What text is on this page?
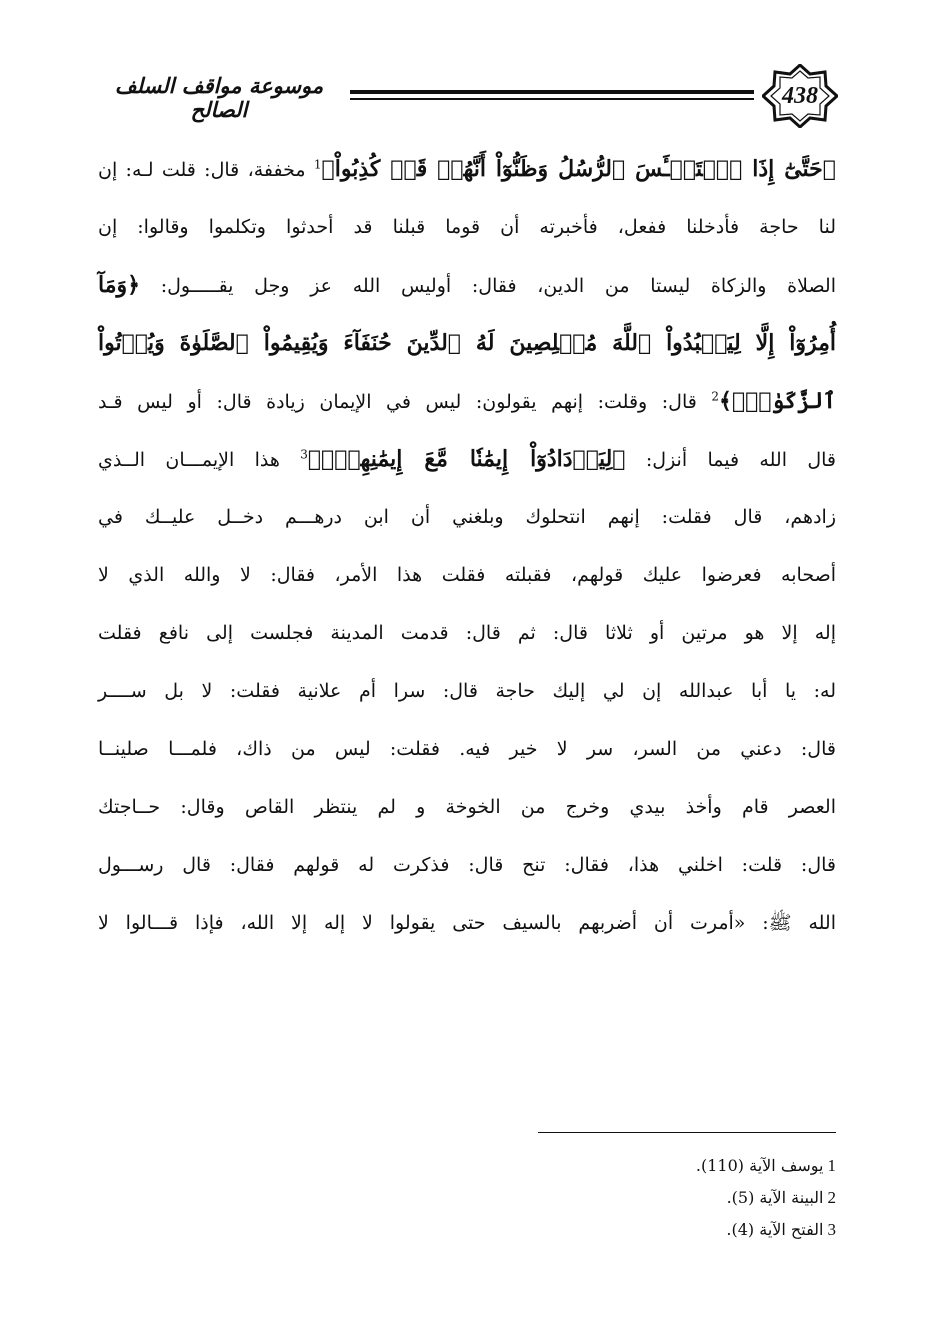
438
موسوعة مواقف السلف الصالح
﴿حَتَّىٰٓ إِذَا ٱسۡتَيۡـَٔسَ ٱلرُّسُلُ وَظَنُّوٓاْ أَنَّهُمۡ قَدۡ كُذِبُواْ﴾$^1$ مخففة، قال: قلت لـه: إن
لنا حاجة فأدخلنا ففعل، فأخبرته أن قوما قبلنا قد أحدثوا وتكلموا وقالوا: إن
الصلاة والزكاة ليستا من الدين، فقال: أوليس الله عز وجل يقـــــول: ﴿وَمَآ
أُمِرُوٓاْ إِلَّا لِيَعۡبُدُواْ ٱللَّهَ مُخۡلِصِينَ لَهُ ٱلدِّينَ حُنَفَآءَ وَيُقِيمُواْ ٱلصَّلَوٰةَ وَيُؤۡتُواْ
ٱلزَّكَوٰةَۚ﴾$^2$ قال: وقلت: إنهم يقولون: ليس في الإيمان زيادة قال: أو ليس قـد
قال الله فيما أنزل: ﴿لِيَزۡدَادُوٓاْ إِيمَٰنٗا مَّعَ إِيمَٰنِهِمۡۗ﴾$^3$ هذا الإيمـــان الــذي
زادهم، قال فقلت: إنهم انتحلوك وبلغني أن ابن درهـــم دخــل عليــك في
أصحابه فعرضوا عليك قولهم، فقبلته فقلت هذا الأمر، فقال: لا والله الذي لا
إله إلا هو مرتين أو ثلاثا قال: ثم قال: قدمت المدينة فجلست إلى نافع فقلت
له: يا أبا عبدالله إن لي إليك حاجة قال: سرا أم علانية فقلت: لا بل ســــر
قال: دعني من السر، سر لا خير فيه. فقلت: ليس من ذاك، فلمـــا صلينــا
العصر قام وأخذ بيدي وخرج من الخوخة و لم ينتظر القاص وقال: حــاجتك
قال: قلت: اخلني هذا، فقال: تنح قال: فذكرت له قولهم فقال: قال رســـول
الله ﷺ: «أمرت أن أضربهم بالسيف حتى يقولوا لا إله إلا الله، فإذا قـــالوا لا
1يوسف الآية (110).
2البينة الآية (5).
3الفتح الآية (4).
